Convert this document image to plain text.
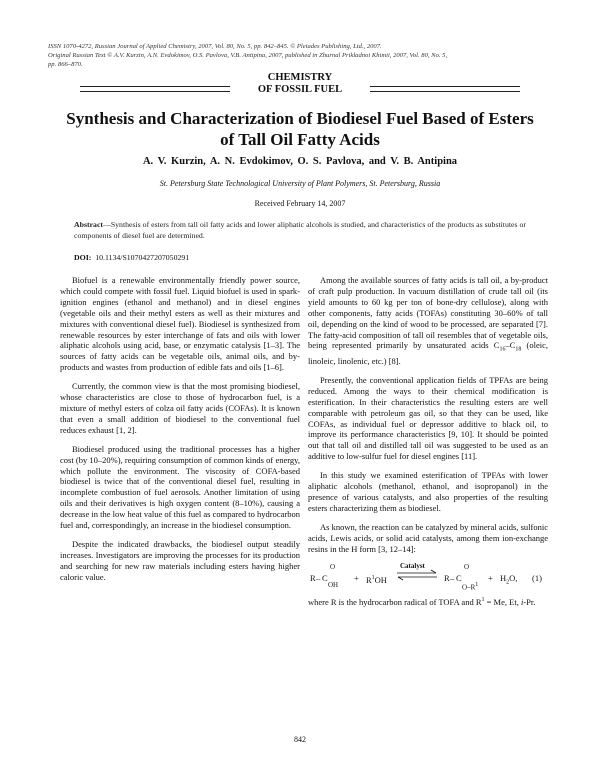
ISSN 1070-4272, Russian Journal of Applied Chemistry, 2007, Vol. 80, No. 5, pp. 842–845. © Pleiades Publishing, Ltd., 2007.
Original Russian Text © A.V. Kurzin, A.N. Evdokimov, O.S. Pavlova, V.B. Antipina, 2007, published in Zhurnal Prikladnoi Khimii, 2007, Vol. 80, No. 5,
pp. 866–870.
CHEMISTRY
OF FOSSIL FUEL
Synthesis and Characterization of Biodiesel Fuel Based of Esters
of Tall Oil Fatty Acids
A. V. Kurzin, A. N. Evdokimov, O. S. Pavlova, and V. B. Antipina
St. Petersburg State Technological University of Plant Polymers, St. Petersburg, Russia
Received February 14, 2007
Abstract—Synthesis of esters from tall oil fatty acids and lower aliphatic alcohols is studied, and characteristics of the products as substitutes or components of diesel fuel are determined.
DOI: 10.1134/S1070427207050291

Biofuel is a renewable environmentally friendly power source, which could compete with fossil fuel. Liquid biofuel is used in spark-ignition engines (ethanol and methanol) and in diesel engines (vegetable oils and their methyl esters as well as their mixtures and mixtures with conventional diesel fuel). Biodiesel is synthesized from renewable resources by ester interchange of fats and oils with lower aliphatic alcohols using acid, base, or enzymatic catalysis [1–3]. The sources of fatty acids can be vegetable oils, animal oils, and by-products and wastes from production of edible fats and oils [1–6].

Currently, the common view is that the most promising biodiesel, whose characteristics are close to those of hydrocarbon fuel, is a mixture of methyl esters of colza oil fatty acids (COFAs). It is known that even a small addition of biodiesel to the conventional fuel reduces exhaust [1, 2].

Biodiesel produced using the traditional processes has a higher cost (by 10–20%), requiring consumption of common kinds of energy, which pollute the environment. The viscosity of COFA-based biodiesel is twice that of the conventional diesel fuel, resulting in incomplete combustion of fuel aerosols. Another limitation of using oils and their derivatives is high oxygen content (8–10%), causing a decrease in the low heat value of this fuel as compared to hydrocarbon fuel and, correspondingly, an increase in the biodiesel consumption.

Despite the indicated drawbacks, the biodiesel output steadily increases. Investigators are improving the processes for its production and searching for new raw materials including esters having higher caloric value.

Among the available sources of fatty acids is tall oil, a by-product of craft pulp production. In vacuum distillation of crude tall oil (its yield amounts to 60 kg per ton of bone-dry cellulose), along with other components, fatty acids (TOFAs) constituting 30–60% of tall oil, depending on the kind of wood to be processed, are separated [7]. The fatty-acid composition of tall oil resembles that of vegetable oils, being represented primarily by unsaturated acids $C_{16}-C_{18}$ (oleic, linoleic, linolenic, etc.) [8].

Presently, the conventional application fields of TPFAs are being reduced. Among the ways to their chemical modification is esterification. In their characteristics the resulting esters are well comparable with petroleum gas oil, so that they can be used, like COFAs, as individual fuel or depressor additive to black oil, to improve its performance characteristics [9, 10]. It should be pointed out that tall oil and distilled tall oil was suggested to be used as an additive to low-sulfur fuel for diesel engines [11].

In this study we examined esterification of TPFAs with lower aliphatic alcohols (methanol, ethanol, and isopropanol) in the presence of various catalysts, and also properties of the resulting esters characterizing them as biodiesel.

As known, the reaction can be catalyzed by mineral acids, sulfonic acids, Lewis acids, or solid acid catalysts, among them ion-exchange resins in the H form [3, 12–14]:

R – C
O
OH
+ $R^1OH$
Catalyst
R – C
O
$O-R^1$
+ $H_2O$, (1)

where R is the hydrocarbon radical of TOFA and $R^1 = Me$, Et, i-Pr.

842
